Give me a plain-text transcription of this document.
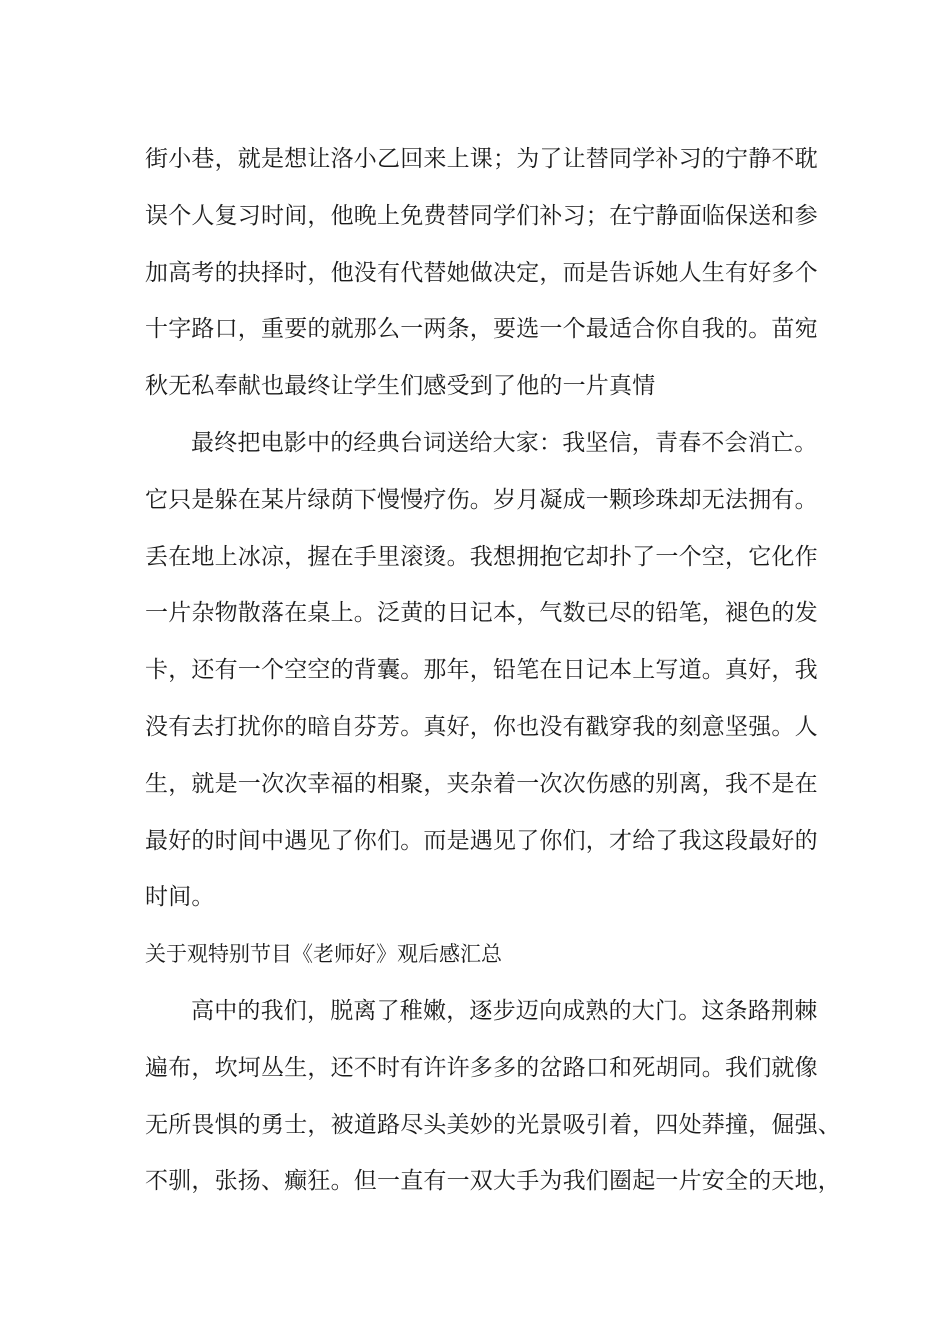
街小巷，就是想让洛小乙回来上课；为了让替同学补习的宁静不耽
误个人复习时间，他晚上免费替同学们补习；在宁静面临保送和参
加高考的抉择时，他没有代替她做决定，而是告诉她人生有好多个
十字路口，重要的就那么一两条，要选一个最适合你自我的。苗宛
秋无私奉献也最终让学生们感受到了他的一片真情
最终把电影中的经典台词送给大家：我坚信，青春不会消亡。
它只是躲在某片绿荫下慢慢疗伤。岁月凝成一颗珍珠却无法拥有。
丢在地上冰凉，握在手里滚烫。我想拥抱它却扑了一个空，它化作
一片杂物散落在桌上。泛黄的日记本，气数已尽的铅笔，褪色的发
卡，还有一个空空的背囊。那年，铅笔在日记本上写道。真好，我
没有去打扰你的暗自芬芳。真好，你也没有戳穿我的刻意坚强。人
生，就是一次次幸福的相聚，夹杂着一次次伤感的别离，我不是在
最好的时间中遇见了你们。而是遇见了你们，才给了我这段最好的
时间。
关于观特别节目《老师好》观后感汇总
高中的我们，脱离了稚嫩，逐步迈向成熟的大门。这条路荆棘
遍布，坎坷丛生，还不时有许许多多的岔路口和死胡同。我们就像
无所畏惧的勇士，被道路尽头美妙的光景吸引着，四处莽撞，倔强、
不驯，张扬、癫狂。但一直有一双大手为我们圈起一片安全的天地，
